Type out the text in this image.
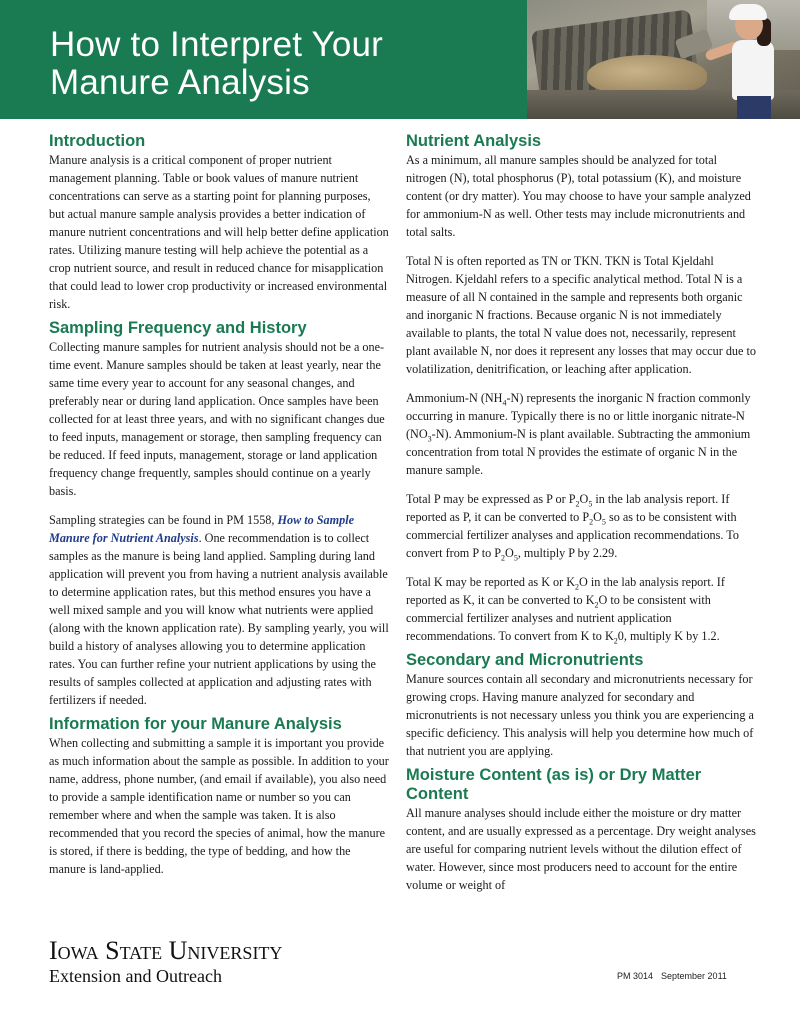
How to Interpret Your
Manure Analysis
Introduction

Manure analysis is a critical component of proper nutrient management planning. Table or book values of manure nutrient concentrations can serve as a starting point for planning purposes, but actual manure sample analysis provides a better indication of manure nutrient concentrations and will help better define application rates. Utilizing manure testing will help achieve the potential as a crop nutrient source, and result in reduced chance for misapplication that could lead to lower crop productivity or increased environmental risk.

Sampling Frequency and History

Collecting manure samples for nutrient analysis should not be a one-time event. Manure samples should be taken at least yearly, near the same time every year to account for any seasonal changes, and preferably near or during land application. Once samples have been collected for at least three years, and with no significant changes due to feed inputs, management or storage, then sampling frequency can be reduced. If feed inputs, management, storage or land application frequency change frequently, samples should continue on a yearly basis.

Sampling strategies can be found in PM 1558, How to Sample Manure for Nutrient Analysis. One recommendation is to collect samples as the manure is being land applied. Sampling during land application will prevent you from having a nutrient analysis available to determine application rates, but this method ensures you have a well mixed sample and you will know what nutrients were applied (along with the known application rate). By sampling yearly, you will build a history of analyses allowing you to determine application rates. You can further refine your nutrient applications by using the results of samples collected at application and adjusting rates with fertilizers if needed.

Information for your Manure Analysis

When collecting and submitting a sample it is important you provide as much information about the sample as possible. In addition to your name, address, phone number, (and email if available), you also need to provide a sample identification name or number so you can remember where and when the sample was taken. It is also recommended that you record the species of animal, how the manure is stored, if there is bedding, the type of bedding, and how the manure is land-applied.

Nutrient Analysis

As a minimum, all manure samples should be analyzed for total nitrogen (N), total phosphorus (P), total potassium (K), and moisture content (or dry matter). You may choose to have your sample analyzed for ammonium-N as well. Other tests may include micronutrients and total salts.

Total N is often reported as TN or TKN. TKN is Total Kjeldahl Nitrogen. Kjeldahl refers to a specific analytical method. Total N is a measure of all N contained in the sample and represents both organic and inorganic N fractions. Because organic N is not immediately available to plants, the total N value does not, necessarily, represent plant available N, nor does it represent any losses that may occur due to volatilization, denitrification, or leaching after application.

Ammonium-N $(NH_4-N)$ represents the inorganic N fraction commonly occurring in manure. Typically there is no or little inorganic nitrate-N $(NO_3-N)$. Ammonium-N is plant available. Subtracting the ammonium concentration from total N provides the estimate of organic N in the manure sample.

Total P may be expressed as P or $P_2O_5$ in the lab analysis report. If reported as P, it can be converted to $P_2O_5$ so as to be consistent with commercial fertilizer analyses and application recommendations. To convert from P to $P_2O_5$, multiply P by 2.29.

Total K may be reported as K or $K_2O$ in the lab analysis report. If reported as K, it can be converted to $K_2O$ to be consistent with commercial fertilizer analyses and nutrient application recommendations. To convert from K to $K_20$, multiply K by 1.2.

Secondary and Micronutrients

Manure sources contain all secondary and micronutrients necessary for growing crops. Having manure analyzed for secondary and micronutrients is not necessary unless you think you are experiencing a specific deficiency. This analysis will help you determine how much of that nutrient you are applying.

Moisture Content (as is) or Dry Matter
Content

All manure analyses should include either the moisture or dry matter content, and are usually expressed as a percentage. Dry weight analyses are useful for comparing nutrient levels without the dilution effect of water. However, since most producers need to account for the entire volume or weight of

Iowa State University
Extension and Outreach	PM 3014 September 2011
